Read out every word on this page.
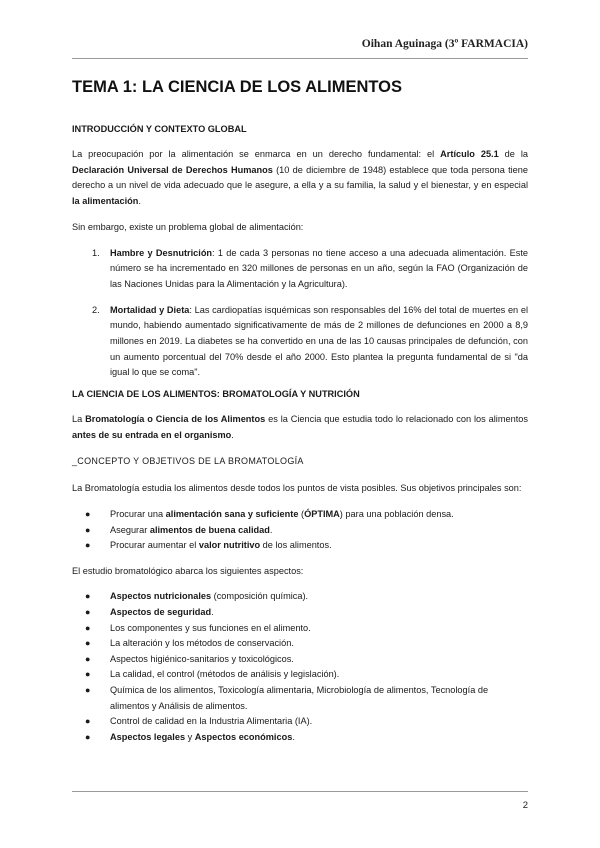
Oihan Aguinaga (3º FARMACIA)
TEMA 1: LA CIENCIA DE LOS ALIMENTOS
INTRODUCCIÓN Y CONTEXTO GLOBAL

La preocupación por la alimentación se enmarca en un derecho fundamental: el Artículo 25.1 de la Declaración Universal de Derechos Humanos (10 de diciembre de 1948) establece que toda persona tiene derecho a un nivel de vida adecuado que le asegure, a ella y a su familia, la salud y el bienestar, y en especial la alimentación.

Sin embargo, existe un problema global de alimentación:

1. Hambre y Desnutrición: 1 de cada 3 personas no tiene acceso a una adecuada alimentación. Este número se ha incrementado en 320 millones de personas en un año, según la FAO (Organización de las Naciones Unidas para la Alimentación y la Agricultura).
2. Mortalidad y Dieta: Las cardiopatías isquémicas son responsables del 16% del total de muertes en el mundo, habiendo aumentado significativamente de más de 2 millones de defunciones en 2000 a 8,9 millones en 2019. La diabetes se ha convertido en una de las 10 causas principales de defunción, con un aumento porcentual del 70% desde el año 2000. Esto plantea la pregunta fundamental de si "da igual lo que se coma".
LA CIENCIA DE LOS ALIMENTOS: BROMATOLOGÍA Y NUTRICIÓN

La Bromatología o Ciencia de los Alimentos es la Ciencia que estudia todo lo relacionado con los alimentos antes de su entrada en el organismo.

_CONCEPTO Y OBJETIVOS DE LA BROMATOLOGÍA

La Bromatología estudia los alimentos desde todos los puntos de vista posibles. Sus objetivos principales son:

● Procurar una alimentación sana y suficiente (ÓPTIMA) para una población densa.
● Asegurar alimentos de buena calidad.
● Procurar aumentar el valor nutritivo de los alimentos.

El estudio bromatológico abarca los siguientes aspectos:

● Aspectos nutricionales (composición química).
● Aspectos de seguridad.
● Los componentes y sus funciones en el alimento.
● La alteración y los métodos de conservación.
● Aspectos higiénico-sanitarios y toxicológicos.
● La calidad, el control (métodos de análisis y legislación).
● Química de los alimentos, Toxicología alimentaria, Microbiología de alimentos, Tecnología de alimentos y Análisis de alimentos.
● Control de calidad en la Industria Alimentaria (IA).
● Aspectos legales y Aspectos económicos.
2
